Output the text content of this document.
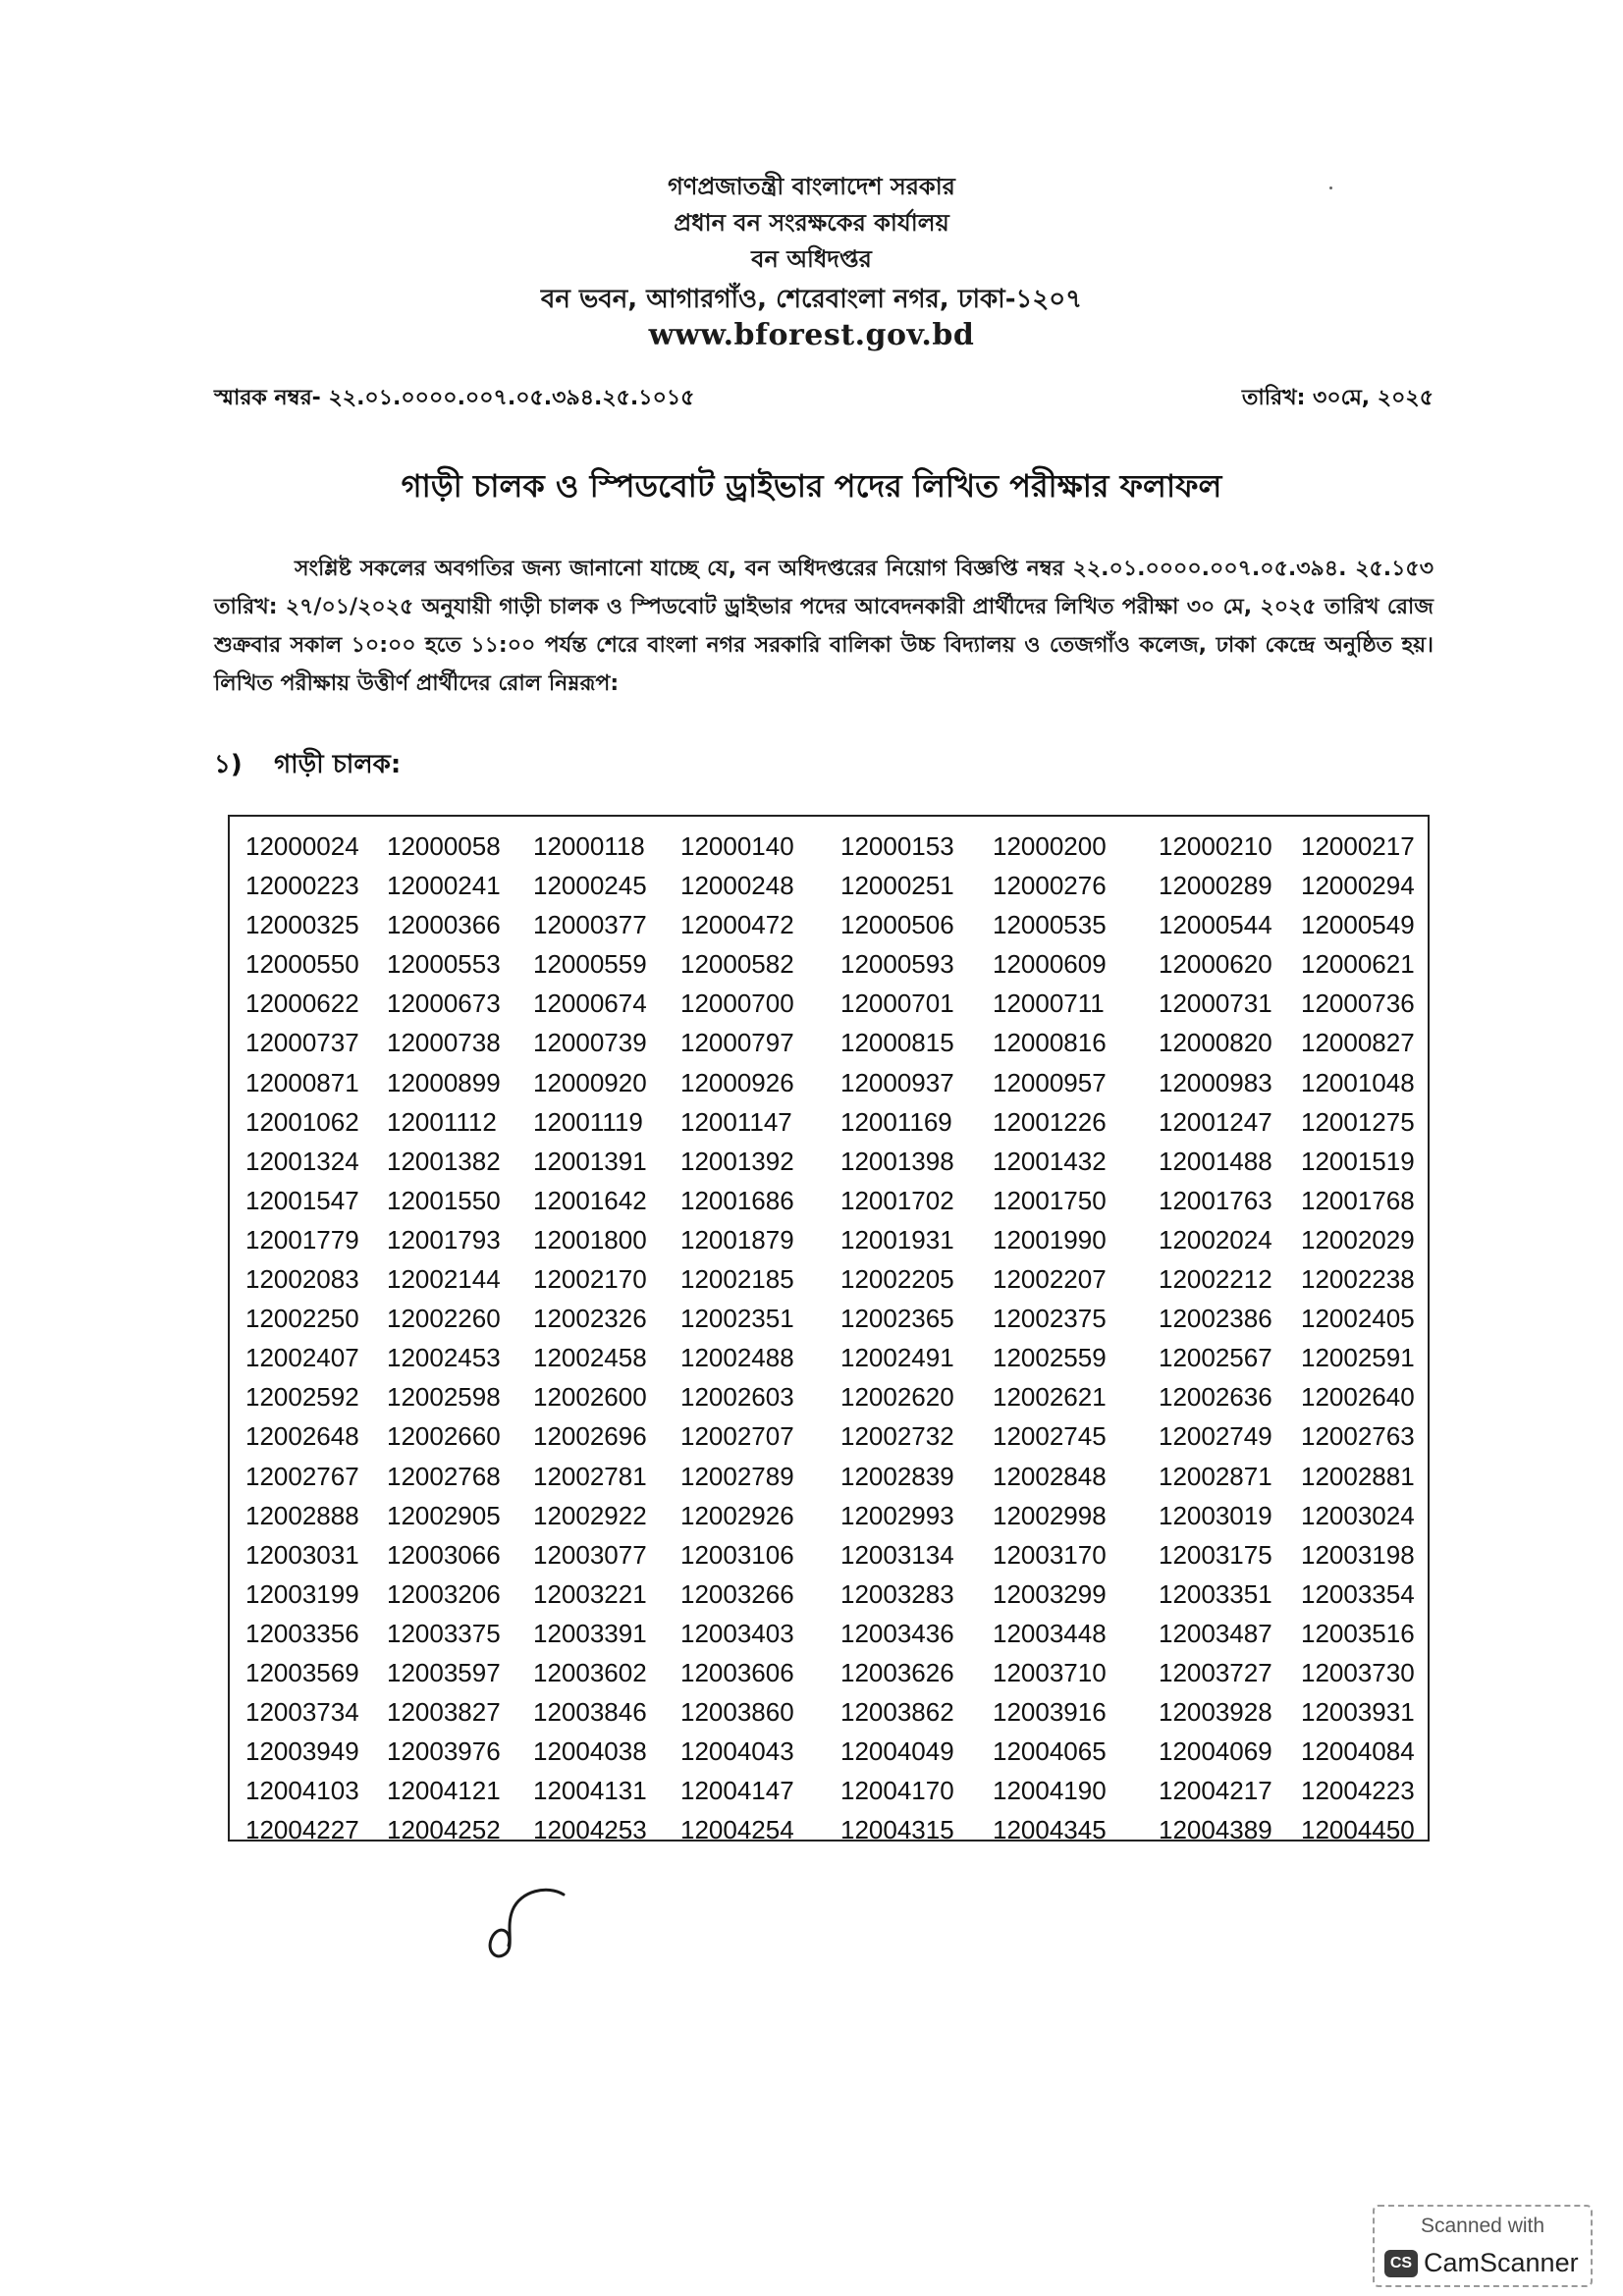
গণপ্রজাতন্ত্রী বাংলাদেশ সরকার
প্রধান বন সংরক্ষকের কার্যালয়
বন অধিদপ্তর
বন ভবন, আগারগাঁও, শেরেবাংলা নগর, ঢাকা-১২০৭
www.bforest.gov.bd
স্মারক নম্বর- ২২.০১.০০০০.০০৭.০৫.৩৯৪.২৫.১০১৫	তারিখ: ৩০মে, ২০২৫
গাড়ী চালক ও স্পিডবোট ড্রাইভার পদের লিখিত পরীক্ষার ফলাফল
সংশ্লিষ্ট সকলের অবগতির জন্য জানানো যাচ্ছে যে, বন অধিদপ্তরের নিয়োগ বিজ্ঞপ্তি নম্বর ২২.০১.০০০০.০০৭.০৫.৩৯৪. ২৫.১৫৩ তারিখ: ২৭/০১/২০২৫ অনুযায়ী গাড়ী চালক ও স্পিডবোট ড্রাইভার পদের আবেদনকারী প্রার্থীদের লিখিত পরীক্ষা ৩০ মে, ২০২৫ তারিখ রোজ শুক্রবার সকাল ১০:০০ হতে ১১:০০ পর্যন্ত শেরে বাংলা নগর সরকারি বালিকা উচ্চ বিদ্যালয় ও তেজগাঁও কলেজ, ঢাকা কেন্দ্রে অনুষ্ঠিত হয়। লিখিত পরীক্ষায় উত্তীর্ণ প্রার্থীদের রোল নিম্নরূপ:
১) গাড়ী চালক:
12000024	12000058	12000118	12000140	12000153	12000200	12000210	12000217
12000223	12000241	12000245	12000248	12000251	12000276	12000289	12000294
12000325	12000366	12000377	12000472	12000506	12000535	12000544	12000549
12000550	12000553	12000559	12000582	12000593	12000609	12000620	12000621
12000622	12000673	12000674	12000700	12000701	12000711	12000731	12000736
12000737	12000738	12000739	12000797	12000815	12000816	12000820	12000827
12000871	12000899	12000920	12000926	12000937	12000957	12000983	12001048
12001062	12001112	12001119	12001147	12001169	12001226	12001247	12001275
12001324	12001382	12001391	12001392	12001398	12001432	12001488	12001519
12001547	12001550	12001642	12001686	12001702	12001750	12001763	12001768
12001779	12001793	12001800	12001879	12001931	12001990	12002024	12002029
12002083	12002144	12002170	12002185	12002205	12002207	12002212	12002238
12002250	12002260	12002326	12002351	12002365	12002375	12002386	12002405
12002407	12002453	12002458	12002488	12002491	12002559	12002567	12002591
12002592	12002598	12002600	12002603	12002620	12002621	12002636	12002640
12002648	12002660	12002696	12002707	12002732	12002745	12002749	12002763
12002767	12002768	12002781	12002789	12002839	12002848	12002871	12002881
12002888	12002905	12002922	12002926	12002993	12002998	12003019	12003024
12003031	12003066	12003077	12003106	12003134	12003170	12003175	12003198
12003199	12003206	12003221	12003266	12003283	12003299	12003351	12003354
12003356	12003375	12003391	12003403	12003436	12003448	12003487	12003516
12003569	12003597	12003602	12003606	12003626	12003710	12003727	12003730
12003734	12003827	12003846	12003860	12003862	12003916	12003928	12003931
12003949	12003976	12004038	12004043	12004049	12004065	12004069	12004084
12004103	12004121	12004131	12004147	12004170	12004190	12004217	12004223
12004227	12004252	12004253	12004254	12004315	12004345	12004389	12004450
Scanned with
CS CamScanner
